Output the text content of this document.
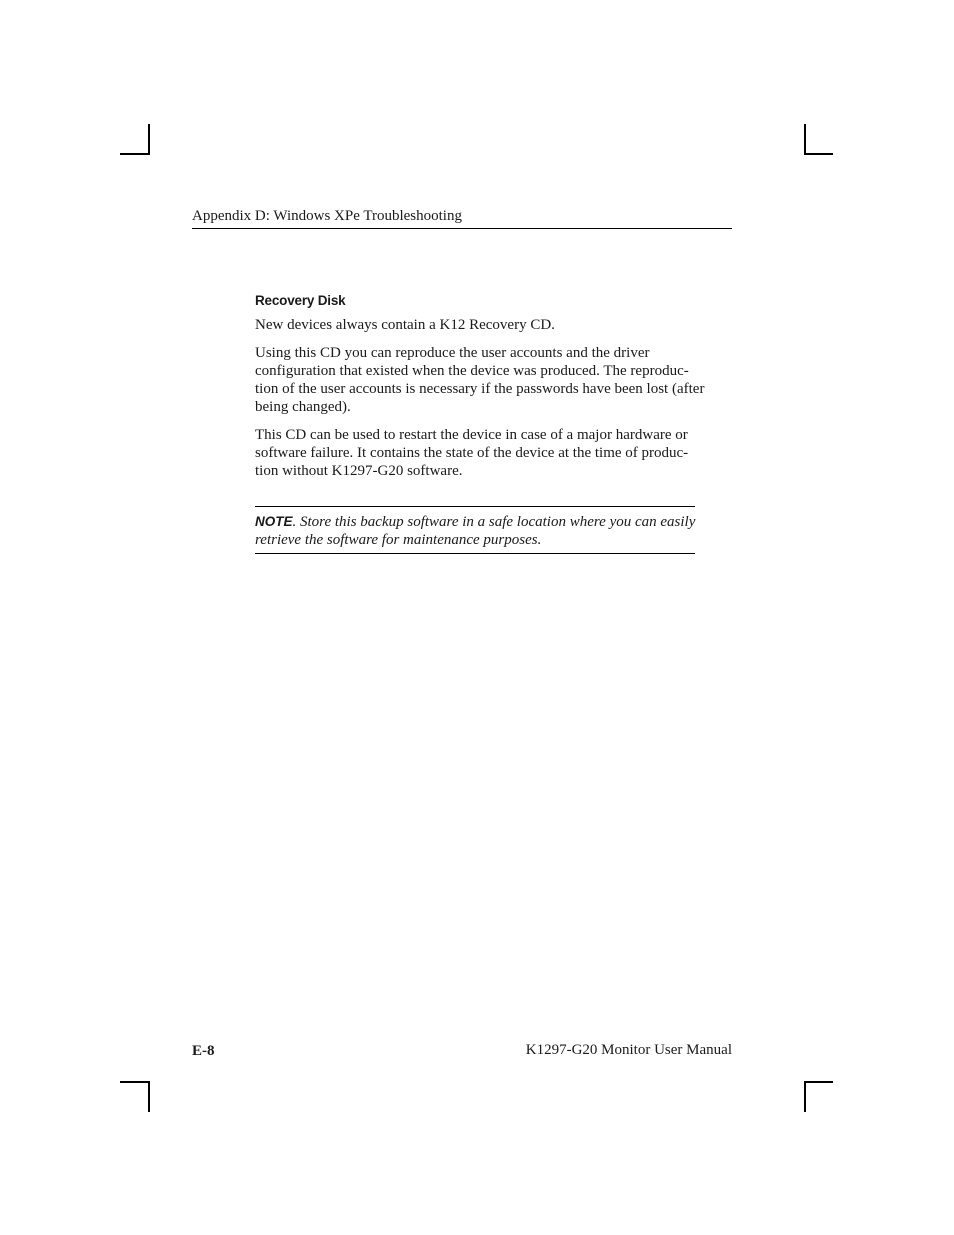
Appendix D: Windows XPe Troubleshooting
Recovery Disk

New devices always contain a K12 Recovery CD.

Using this CD you can reproduce the user accounts and the driver
configuration that existed when the device was produced. The reproduc-
tion of the user accounts is necessary if the passwords have been lost (after
being changed).

This CD can be used to restart the device in case of a major hardware or
software failure. It contains the state of the device at the time of produc-
tion without K1297-G20 software.

NOTE. Store this backup software in a safe location where you can easily
retrieve the software for maintenance purposes.
E-8	K1297-G20 Monitor User Manual
